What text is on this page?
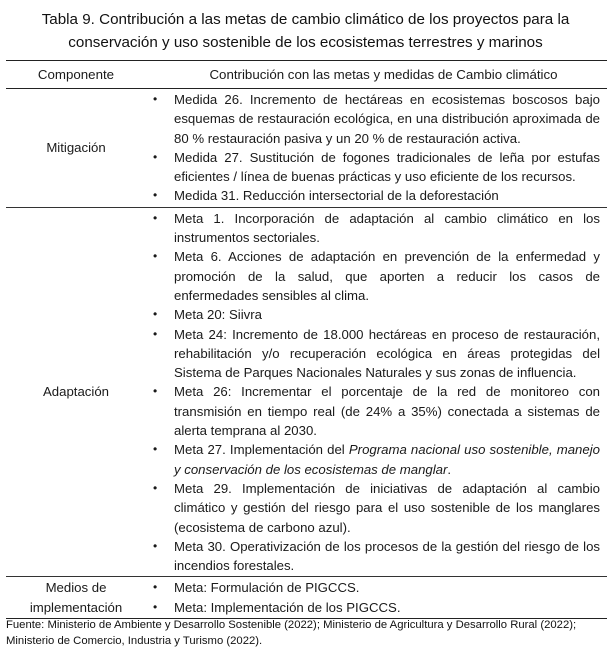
Tabla 9. Contribución a las metas de cambio climático de los proyectos para la
conservación y uso sostenible de los ecosistemas terrestres y marinos
Componente	Contribución con las metas y medidas de Cambio climático
Mitigación
• Medida 26. Incremento de hectáreas en ecosistemas boscosos bajo esquemas de restauración ecológica, en una distribución aproximada de 80 % restauración pasiva y un 20 % de restauración activa.
• Medida 27. Sustitución de fogones tradicionales de leña por estufas eficientes / línea de buenas prácticas y uso eficiente de los recursos.
• Medida 31. Reducción intersectorial de la deforestación
Adaptación
• Meta 1. Incorporación de adaptación al cambio climático en los instrumentos sectoriales.
• Meta 6. Acciones de adaptación en prevención de la enfermedad y promoción de la salud, que aporten a reducir los casos de enfermedades sensibles al clima.
• Meta 20: Siivra
• Meta 24: Incremento de 18.000 hectáreas en proceso de restauración, rehabilitación y/o recuperación ecológica en áreas protegidas del Sistema de Parques Nacionales Naturales y sus zonas de influencia.
• Meta 26: Incrementar el porcentaje de la red de monitoreo con transmisión en tiempo real (de 24% a 35%) conectada a sistemas de alerta temprana al 2030.
• Meta 27. Implementación del Programa nacional uso sostenible, manejo y conservación de los ecosistemas de manglar.
• Meta 29. Implementación de iniciativas de adaptación al cambio climático y gestión del riesgo para el uso sostenible de los manglares (ecosistema de carbono azul).
• Meta 30. Operativización de los procesos de la gestión del riesgo de los incendios forestales.
Medios de implementación
• Meta: Formulación de PIGCCS.
• Meta: Implementación de los PIGCCS.
Fuente: Ministerio de Ambiente y Desarrollo Sostenible (2022); Ministerio de Agricultura y Desarrollo Rural (2022); Ministerio de Comercio, Industria y Turismo (2022).
